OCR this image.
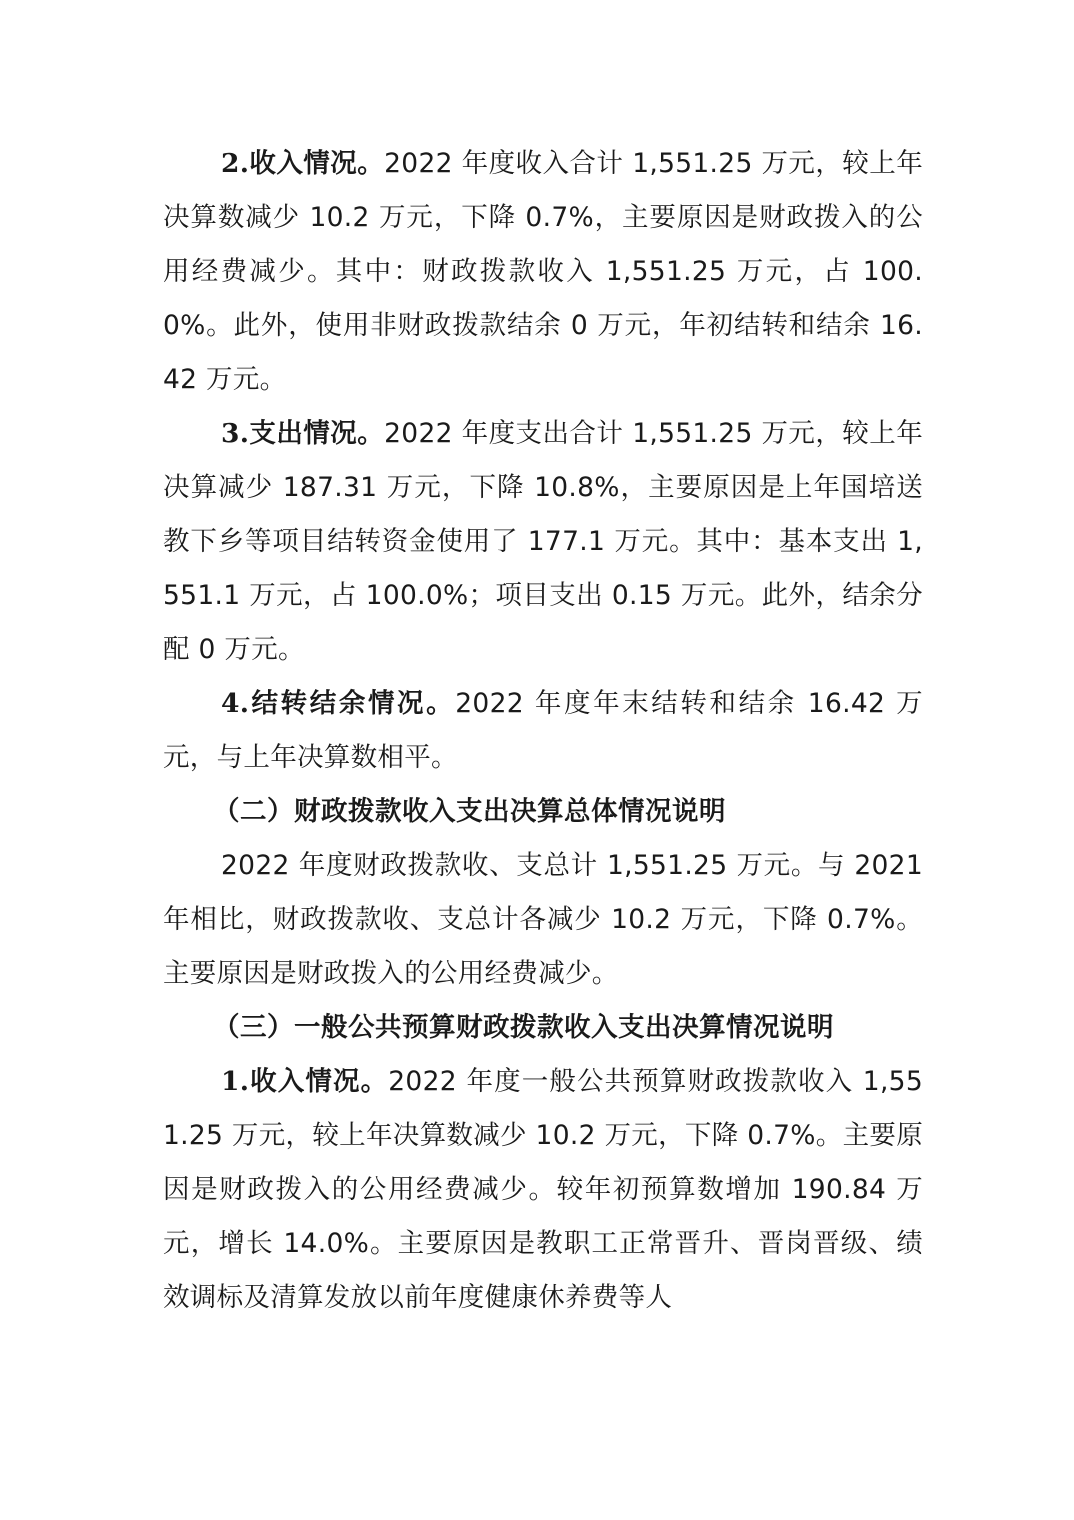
2.收入情况。2022 年度收入合计 1,551.25 万元，较上年决算数减少 10.2 万元，下降 0.7%，主要原因是财政拨入的公用经费减少。其中：财政拨款收入 1,551.25 万元，占 100.0%。此外，使用非财政拨款结余 0 万元，年初结转和结余 16.42 万元。

3.支出情况。2022 年度支出合计 1,551.25 万元，较上年决算减少 187.31 万元，下降 10.8%，主要原因是上年国培送教下乡等项目结转资金使用了 177.1 万元。其中：基本支出 1,551.1 万元，占 100.0%；项目支出 0.15 万元。此外，结余分配 0 万元。

4.结转结余情况。2022 年度年末结转和结余 16.42 万元，与上年决算数相平。

（二）财政拨款收入支出决算总体情况说明

2022 年度财政拨款收、支总计 1,551.25 万元。与 2021 年相比，财政拨款收、支总计各减少 10.2 万元，下降 0.7%。主要原因是财政拨入的公用经费减少。

（三）一般公共预算财政拨款收入支出决算情况说明

1.收入情况。2022 年度一般公共预算财政拨款收入 1,551.25 万元，较上年决算数减少 10.2 万元，下降 0.7%。主要原因是财政拨入的公用经费减少。较年初预算数增加 190.84 万元，增长 14.0%。主要原因是教职工正常晋升、晋岗晋级、绩效调标及清算发放以前年度健康休养费等人
